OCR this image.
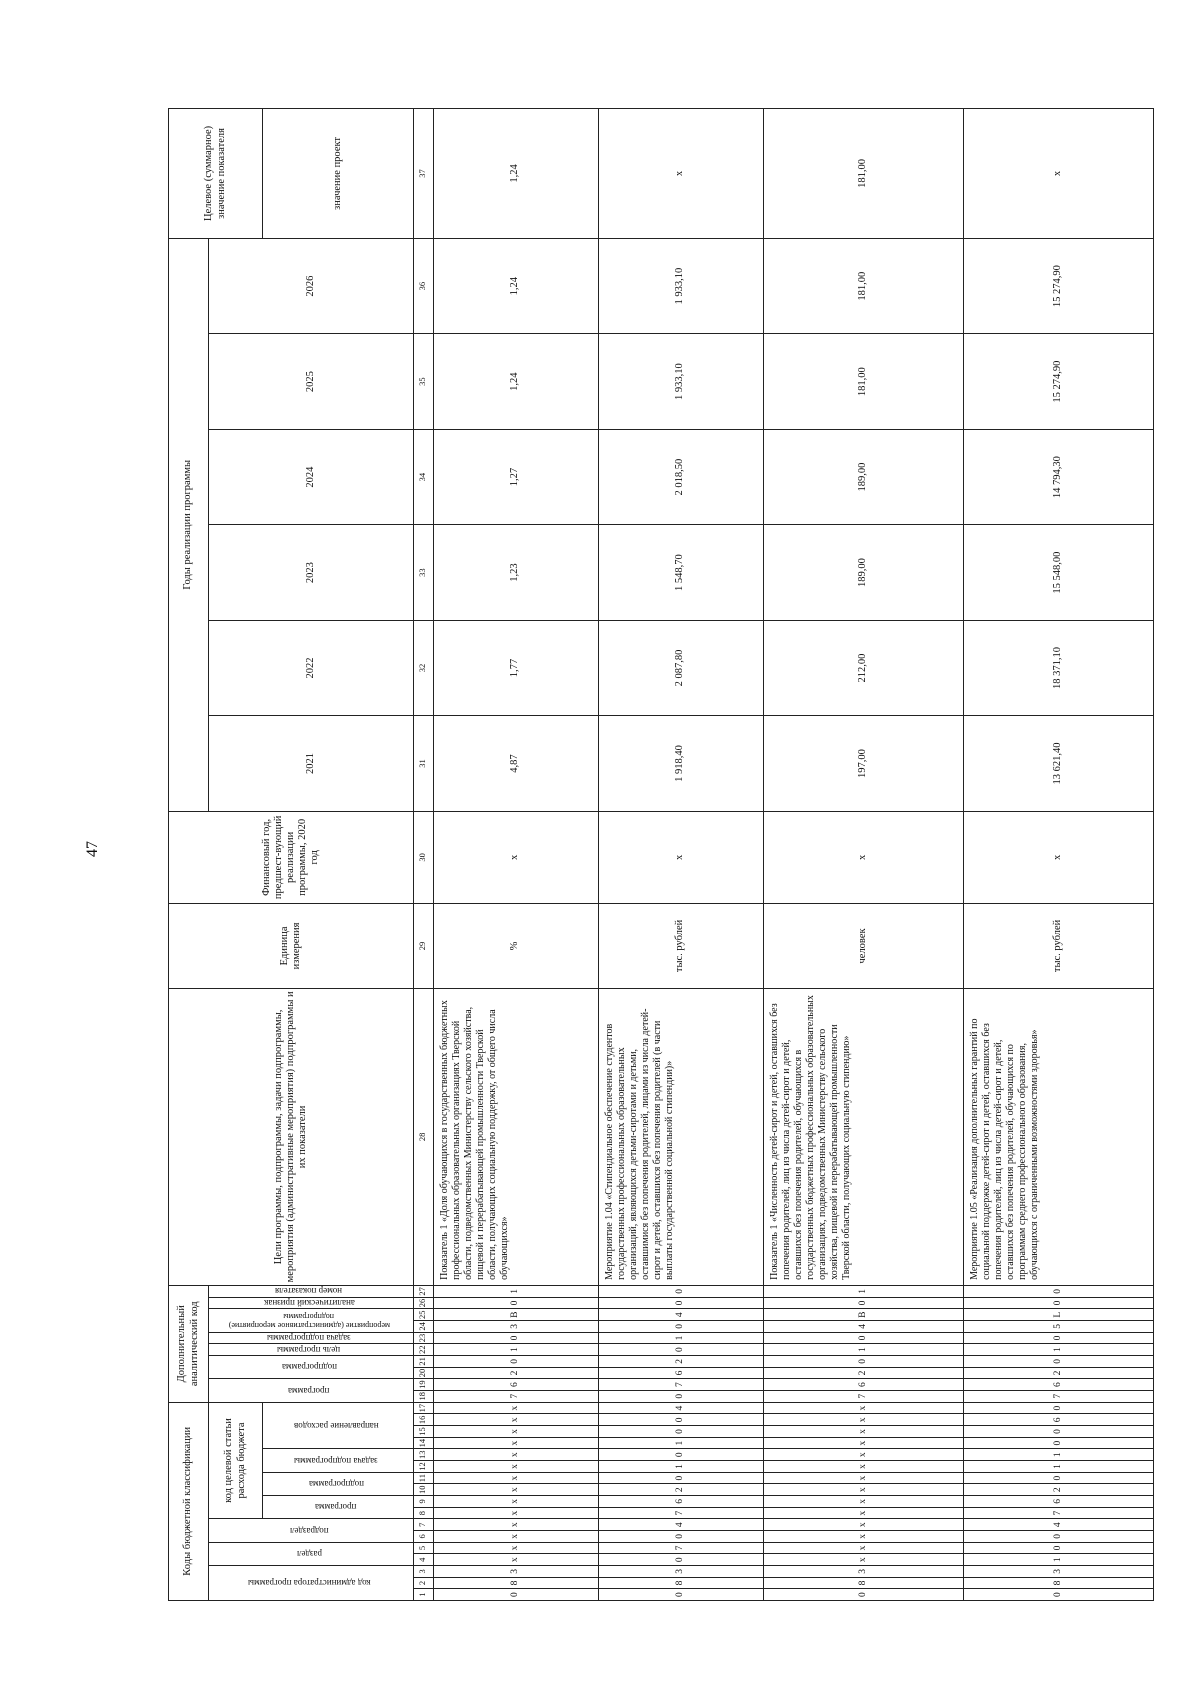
47
Коды бюджетной классификации																	Дополнительный аналитический код										Цели программы, подпрограммы, задачи подпрограммы, мероприятия (административные мероприятия) подпрограммы и их показатели	Единица измерения	Финансовый год, предшест-вующий реализации программы, 2020 год	Годы реализации программы						Целевое (суммарное) значение показателя
код администратора программы			раздел		подраздел		код целевой статьи расхода бюджета										программа		подпрограмма		цель программы	задача подпрограммы	мероприятие (административное мероприятие) подпрограммы		аналитический признак	номер показателя				2021	2022	2023	2024	2025	2026	
							программа		подпрограмма		задача подпрограммы		направление расходов																							значение проект
1	2	3	4	5	6	7	8	9	10	11	12	13	14	15	16	17	18	19	20	21	22	23	24	25	26	27	28	29	30	31	32	33	34	35	36	37
0	8	3	х	х	х	х	х	х	х	х	х	х	х	х	х	х	7	6	2	0	1	0	3	В	0	1	Показатель 1 «Доля обучающихся в государственных бюджетных профессиональных образовательных организациях Тверской области, подведомственных Министерству сельского хозяйства, пищевой и перерабатывающей промышленности Тверской области, получающих социальную поддержку, от общего числа обучающихся»	%	х	4,87	1,77	1,23	1,27	1,24	1,24	1,24
0	8	3	0	7	0	4	7	6	2	0	1	0	1	0	0	4	0	7	6	2	0	1	0	4	0	0	Мероприятие 1.04 «Стипендиальное обеспечение студентов государственных профессиональных образовательных организаций, являющихся детьми-сиротами и детьми, оставшимися без попечения родителей, лицами из числа детей-сирот и детей, оставшихся без попечения родителей (в части выплаты государственной социальной стипендии)»	тыс. рублей	х	1 918,40	2 087,80	1 548,70	2 018,50	1 933,10	1 933,10	х
0	8	3	х	х	х	х	х	х	х	х	х	х	х	х	х	х	7	6	2	0	1	0	4	В	0	1	Показатель 1 «Численность детей-сирот и детей, оставшихся без попечения родителей, лиц из числа детей-сирот и детей, оставшихся без попечения родителей, обучающихся в государственных бюджетных профессиональных образовательных организациях, подведомственных Министерству сельского хозяйства, пищевой и перерабатывающей промышленности Тверской области, получающих социальную стипендию»	человек	х	197,00	212,00	189,00	189,00	181,00	181,00	181,00
0	8	3	1	0	0	4	7	6	2	0	1	1	0	0	6	0	7	6	2	0	1	0	5	L	0	0	Мероприятие 1.05 «Реализация дополнительных гарантий по социальной поддержке детей-сирот и детей, оставшихся без попечения родителей, лиц из числа детей-сирот и детей, оставшихся без попечения родителей, обучающихся по программам среднего профессионального образования, обучающихся с ограниченными возможностями здоровья»	тыс. рублей	х	13 621,40	18 371,10	15 548,00	14 794,30	15 274,90	15 274,90	х
